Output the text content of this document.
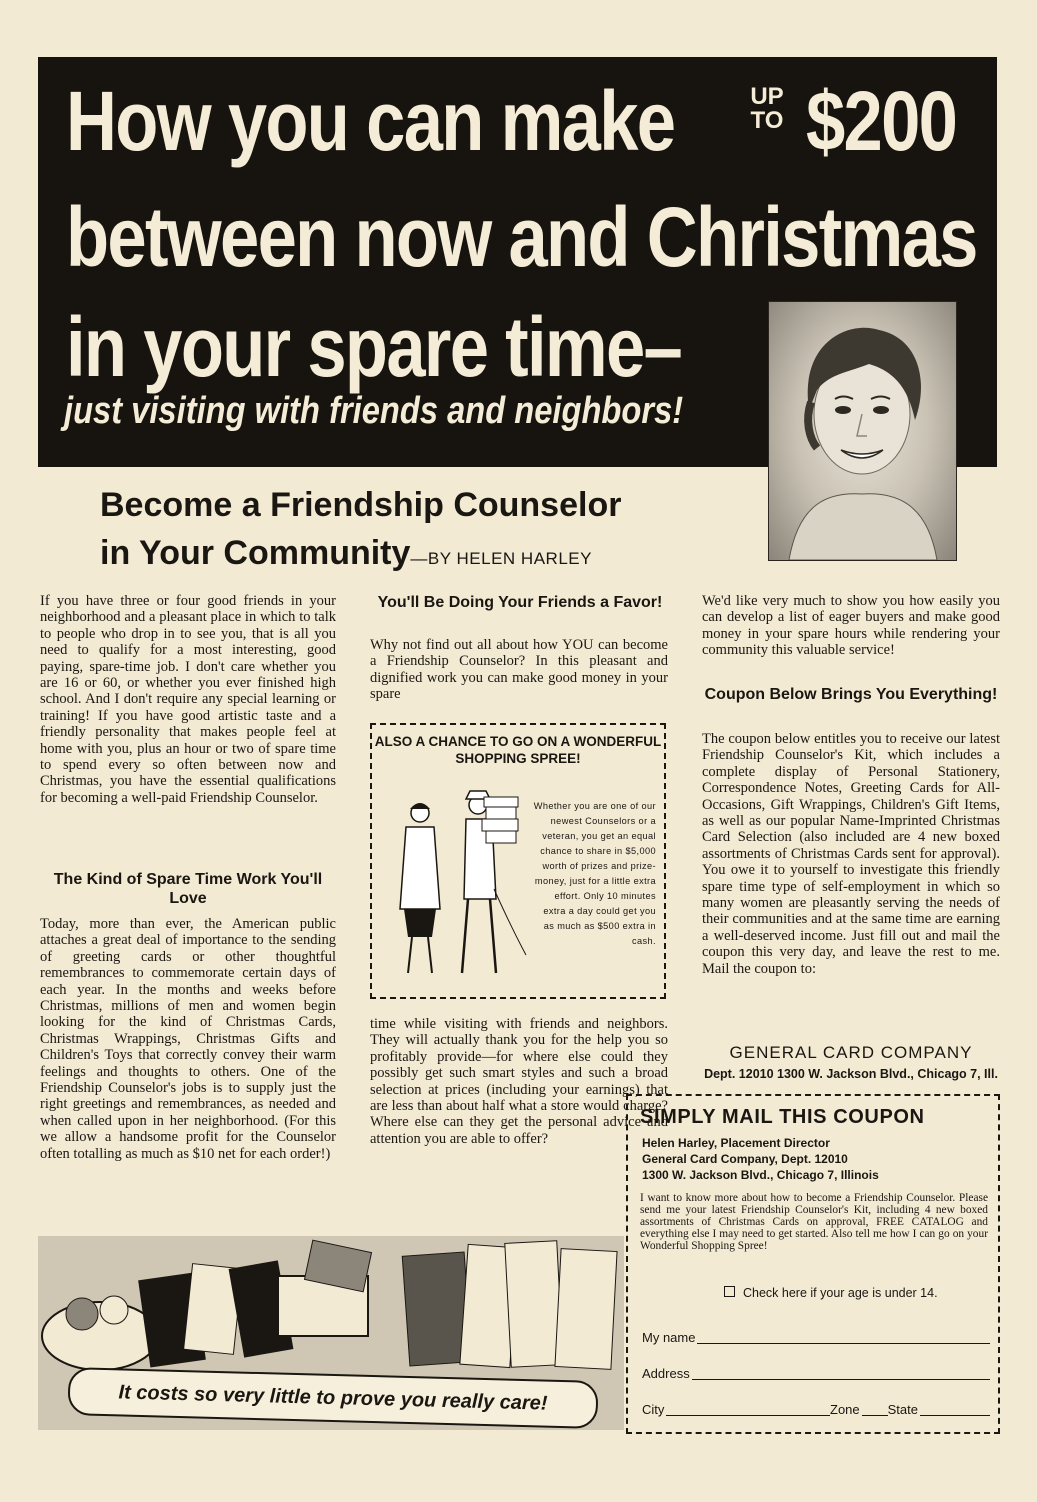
How you can make	UP
TO $200
between now and Christmas
in your spare time–
just visiting with friends and neighbors!
Become a Friendship Counselor
in Your Community—BY HELEN HARLEY
If you have three or four good friends in your neighborhood and a pleasant place in which to talk to people who drop in to see you, that is all you need to qualify for a most interesting, good paying, spare-time job. I don't care whether you are 16 or 60, or whether you ever finished high school. And I don't require any special learning or training! If you have good artistic taste and a friendly personality that makes people feel at home with you, plus an hour or two of spare time to spend every so often between now and Christmas, you have the essential qualifications for becoming a well-paid Friendship Counselor.
The Kind of Spare Time Work You'll Love
Today, more than ever, the American public attaches a great deal of importance to the sending of greeting cards or other thoughtful remembrances to commemorate certain days of each year. In the months and weeks before Christmas, millions of men and women begin looking for the kind of Christmas Cards, Christmas Wrappings, Christmas Gifts and Children's Toys that correctly convey their warm feelings and thoughts to others. One of the Friendship Counselor's jobs is to supply just the right greetings and remembrances, as needed and when called upon in her neighborhood. (For this we allow a handsome profit for the Counselor often totalling as much as $10 net for each order!)
You'll Be Doing Your Friends a Favor!
Why not find out all about how YOU can become a Friendship Counselor? In this pleasant and dignified work you can make good money in your spare
ALSO A CHANCE TO GO ON A WONDERFUL SHOPPING SPREE!
Whether you are one of our newest Counselors or a veteran, you get an equal chance to share in $5,000 worth of prizes and prize-money, just for a little extra effort. Only 10 minutes extra a day could get you as much as $500 extra in cash.
time while visiting with friends and neighbors. They will actually thank you for the help you so profitably provide—for where else could they possibly get such smart styles and such a broad selection at prices (including your earnings) that are less than about half what a store would charge? Where else can they get the personal advice and attention you are able to offer?
We'd like very much to show you how easily you can develop a list of eager buyers and make good money in your spare hours while rendering your community this valuable service!
Coupon Below Brings You Everything!
The coupon below entitles you to receive our latest Friendship Counselor's Kit, which includes a complete display of Personal Stationery, Correspondence Notes, Greeting Cards for All-Occasions, Gift Wrappings, Children's Gift Items, as well as our popular Name-Imprinted Christmas Card Selection (also included are 4 new boxed assortments of Christmas Cards sent for approval). You owe it to yourself to investigate this friendly spare time type of self-employment in which so many women are pleasantly serving the needs of their communities and at the same time are earning a well-deserved income. Just fill out and mail the coupon this very day, and leave the rest to me. Mail the coupon to:
GENERAL CARD COMPANY
Dept. 12010 1300 W. Jackson Blvd., Chicago 7, Ill.
It costs so very little to prove you really care!
SIMPLY MAIL THIS COUPON
Helen Harley, Placement Director
General Card Company, Dept. 12010
1300 W. Jackson Blvd., Chicago 7, Illinois
I want to know more about how to become a Friendship Counselor. Please send me your latest Friendship Counselor's Kit, including 4 new boxed assortments of Christmas Cards on approval, FREE CATALOG and everything else I may need to get started. Also tell me how I can go on your Wonderful Shopping Spree!
Check here if your age is under 14.
My name
Address
City	Zone State
